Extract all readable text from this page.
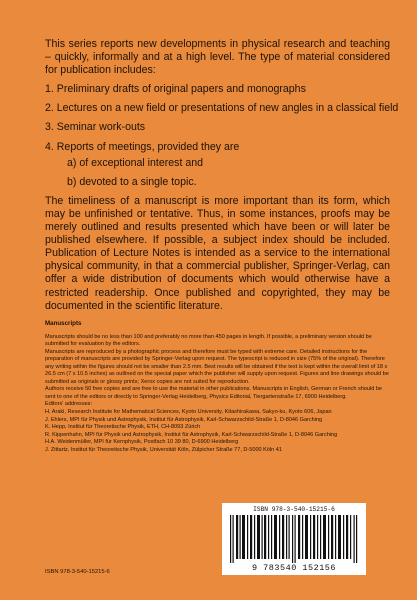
This series reports new developments in physical research and teaching – quickly, informally and at a high level. The type of material considered for publication includes:

1. Preliminary drafts of original papers and monographs
2. Lectures on a new field or presentations of new angles in a classical field
3. Seminar work-outs
4. Reports of meetings, provided they are
a) of exceptional interest and
b) devoted to a single topic.

The timeliness of a manuscript is more important than its form, which may be unfinished or tentative. Thus, in some instances, proofs may be merely outlined and results presented which have been or will later be published elsewhere. If possible, a subject index should be included. Publication of Lecture Notes is intended as a service to the international physical community, in that a commercial publisher, Springer-Verlag, can offer a wide distribution of documents which would otherwise have a restricted readership. Once published and copyrighted, they may be documented in the scientific literature.

Manuscripts

Manuscripts should be no less than 100 and preferably no more than 450 pages in length. If possible, a preliminary version should be submitted for evaluation by the editors.

Manuscripts are reproduced by a photographic process and therefore must be typed with extreme care. Detailed instructions for the preparation of manuscripts are provided by Springer-Verlag upon request. The typescript is reduced in size (75% of the original). Therefore any writing within the figures should not be smaller than 2.5 mm. Best results will be obtained if the text is kept within the overall limit of 18 x 26.5 cm (7 x 10.5 inches) as outlined on the special paper which the publisher will supply upon request. Figures and line drawings should be submitted as originals or glossy prints; Xerox copies are not suited for reproduction.

Authors receive 50 free copies and are free to use the material in other publications. Manuscripts in English, German or French should be sent to one of the editors or directly to Springer-Verlag Heidelberg, Physics Editorial, Tiergartenstraße 17, 6900 Heidelberg.

Editors' addresses:

H. Araki, Research Institute for Mathematical Sciences, Kyoto University, Kitashirakawa, Sakyo-ku, Kyoto 606, Japan

J. Ehlers, MPI für Physik und Astrophysik, Institut für Astrophysik, Karl-Schwarzschild-Straße 1, D-8046 Garching

K. Hepp, Institut für Theoretische Physik, ETH, CH-8093 Zürich

R. Kippenhahn, MPI für Physik und Astrophysik, Institut für Astrophysik, Karl-Schwarzschild-Straße 1, D-8046 Garching

H.A. Weidenmüller, MPI für Kernphysik, Postfach 10 39 80, D-6900 Heidelberg

J. Zittartz, Institut für Theoretische Physik, Universität Köln, Zülpicher Straße 77, D-5000 Köln 41

ISBN 978-3-540-15215-6
9 783540 152156
ISBN 978-3-540-15215-6
